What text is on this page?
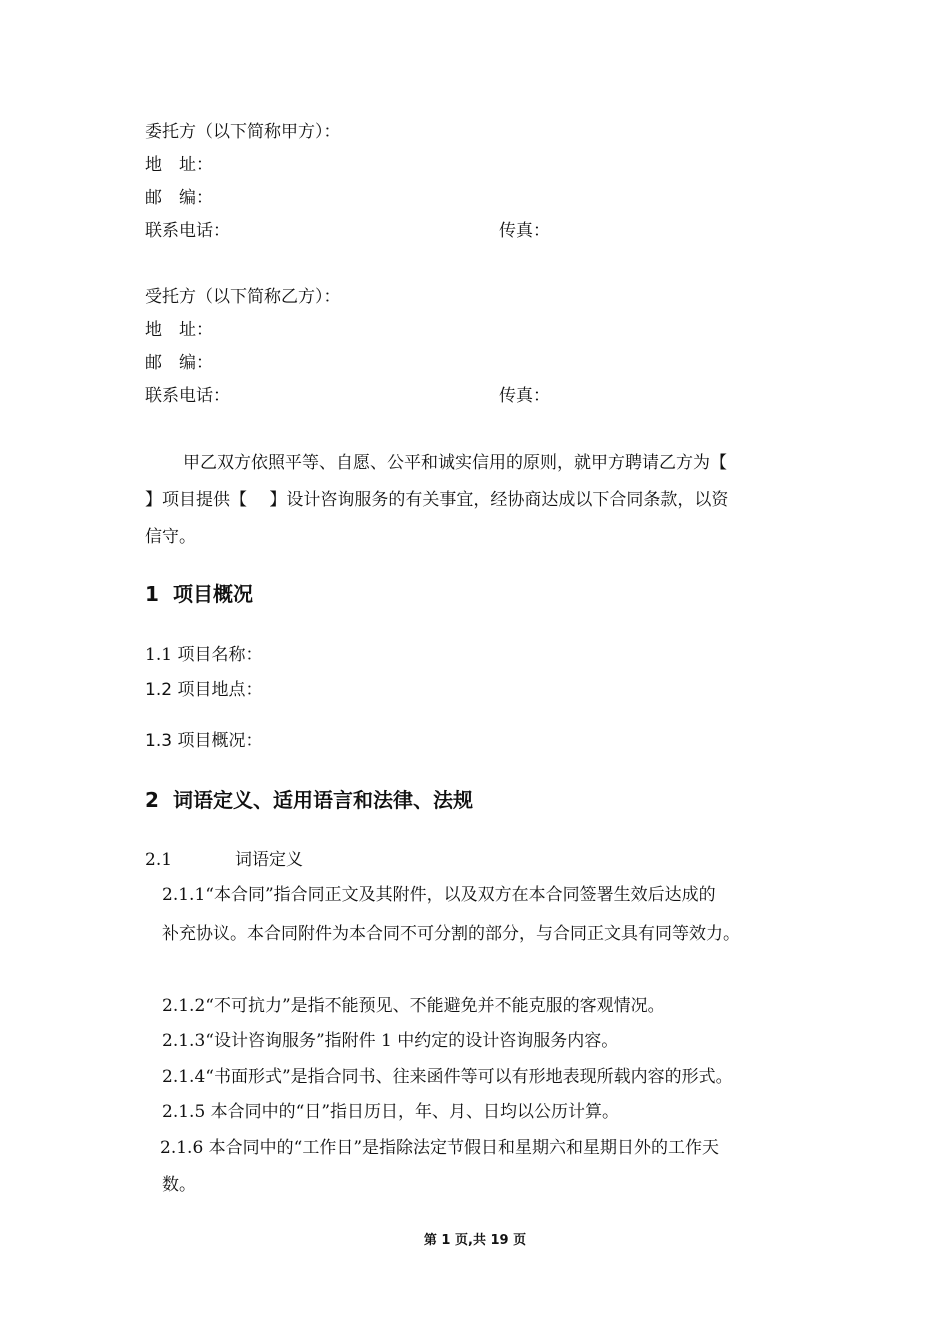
委托方（以下简称甲方）：
地　址：
邮　编：
联系电话：	传真：
受托方（以下简称乙方）：
地　址：
邮　编：
联系电话：	传真：
甲乙双方依照平等、自愿、公平和诚实信用的原则，就甲方聘请乙方为【
】项目提供【　 】设计咨询服务的有关事宜，经协商达成以下合同条款，以资
信守。
1 项目概况
1.1 项目名称：
1.2 项目地点：
1.3 项目概况：
2 词语定义、适用语言和法律、法规
2.1	词语定义
2.1.1“本合同”指合同正文及其附件，以及双方在本合同签署生效后达成的
补充协议。本合同附件为本合同不可分割的部分，与合同正文具有同等效力。
2.1.2“不可抗力”是指不能预见、不能避免并不能克服的客观情况。
2.1.3“设计咨询服务”指附件 1 中约定的设计咨询服务内容。
2.1.4“书面形式”是指合同书、往来函件等可以有形地表现所载内容的形式。
2.1.5 本合同中的“日”指日历日，年、月、日均以公历计算。
2.1.6 本合同中的“工作日”是指除法定节假日和星期六和星期日外的工作天
数。
第 1 页,共 19 页
